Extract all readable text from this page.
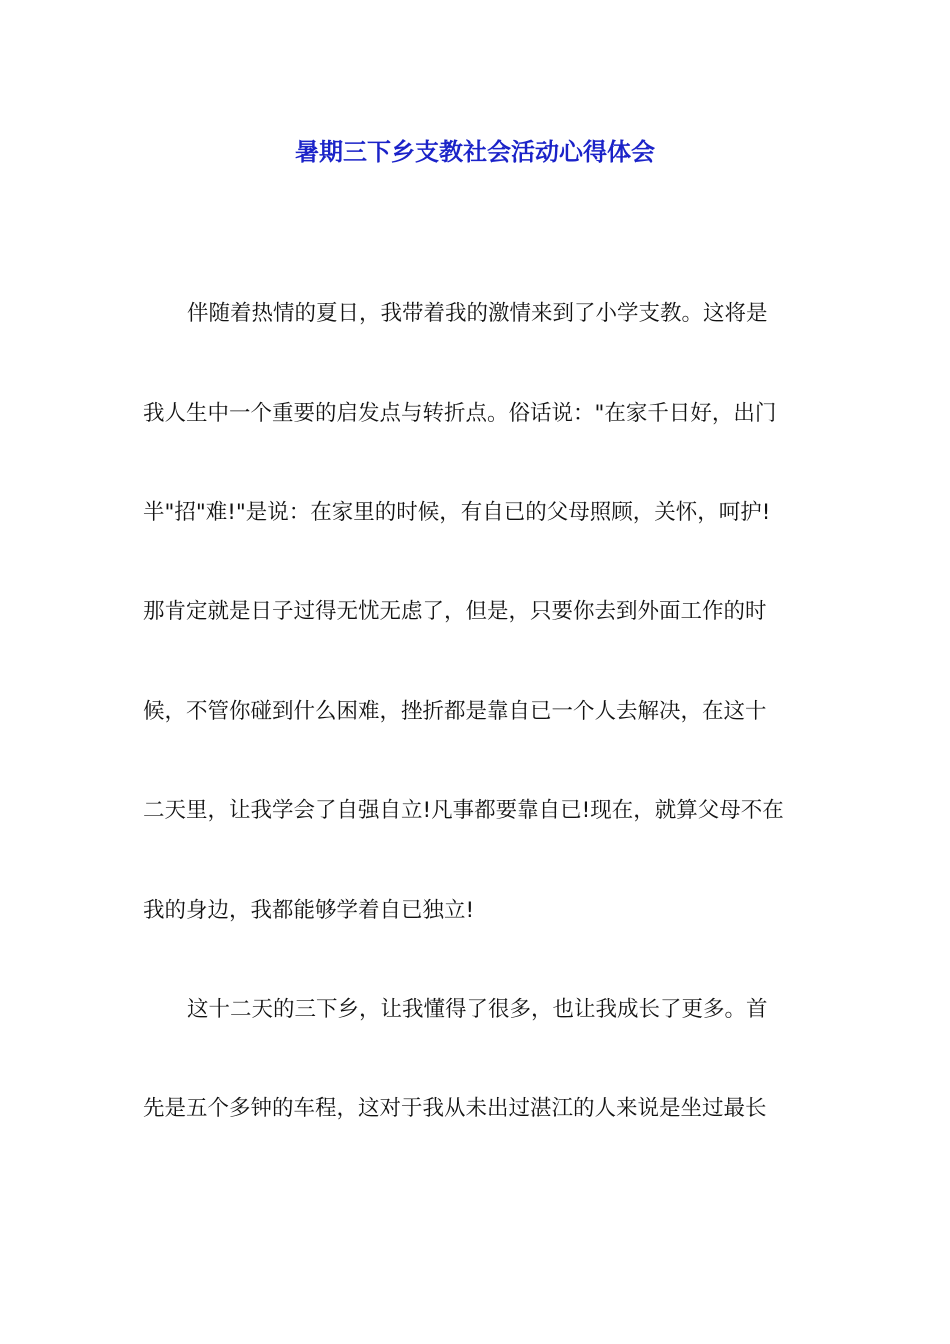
暑期三下乡支教社会活动心得体会

伴随着热情的夏日，我带着我的激情来到了小学支教。这将是

我人生中一个重要的启发点与转折点。俗话说："在家千日好，出门

半"招"难!"是说：在家里的时候，有自已的父母照顾，关怀，呵护!

那肯定就是日子过得无忧无虑了，但是，只要你去到外面工作的时

候，不管你碰到什么困难，挫折都是靠自已一个人去解决，在这十

二天里，让我学会了自强自立!凡事都要靠自已!现在，就算父母不在

我的身边，我都能够学着自已独立!

这十二天的三下乡，让我懂得了很多，也让我成长了更多。首

先是五个多钟的车程，这对于我从未出过湛江的人来说是坐过最长
